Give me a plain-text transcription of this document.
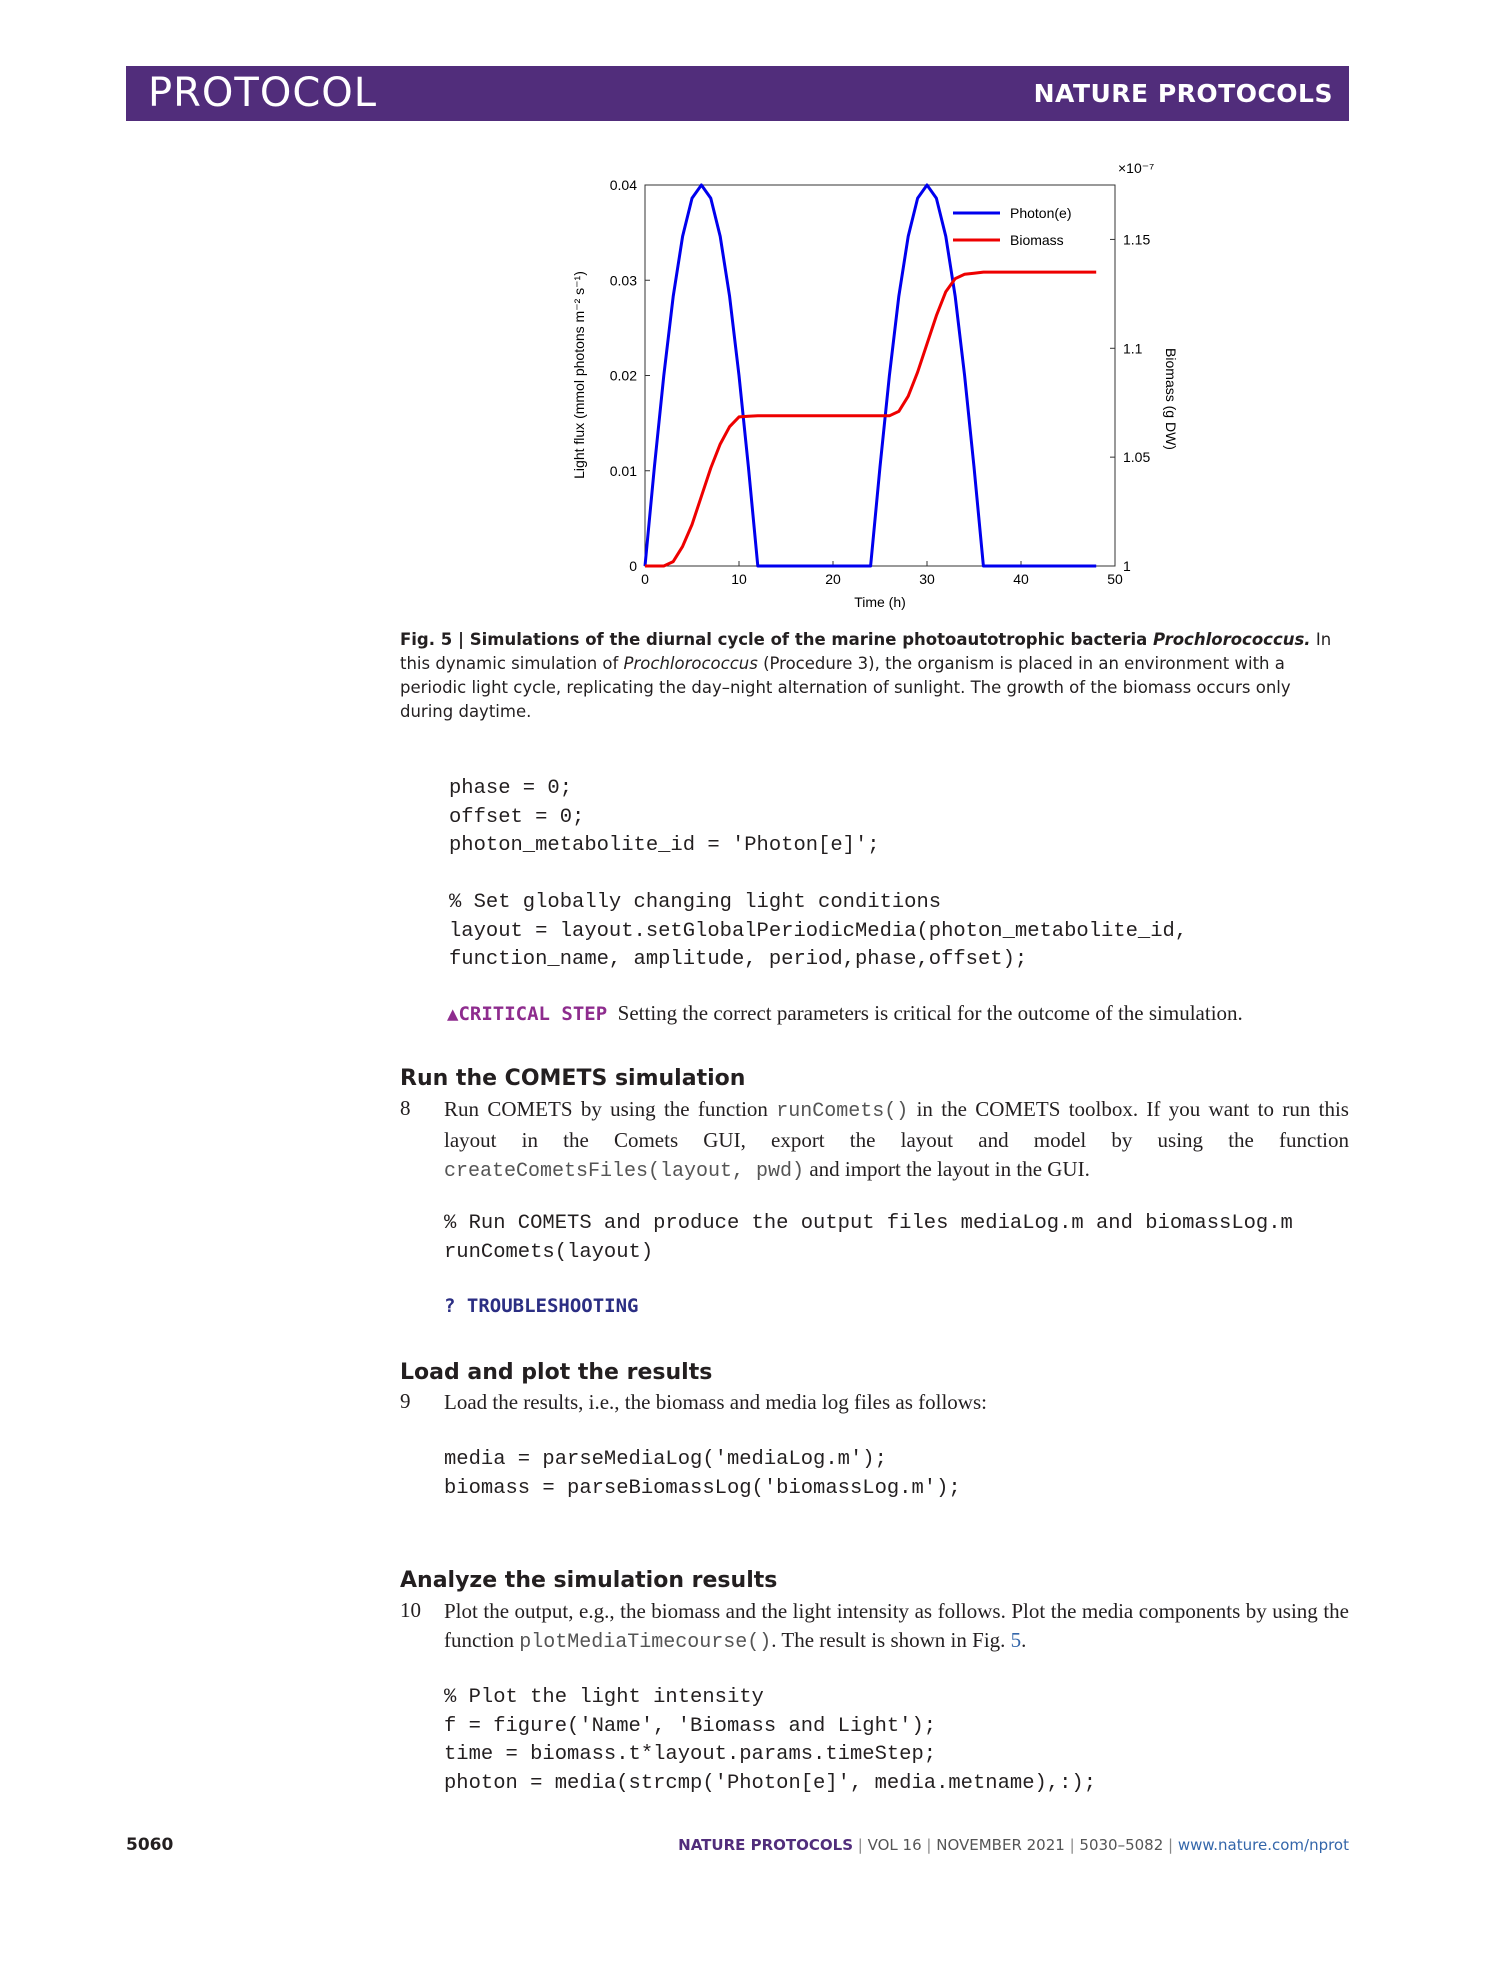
PROTOCOL	NATURE PROTOCOLS
0	10	20	30	40	50
0
0.01
0.02
0.03
0.04
1
1.05
1.1
1.15
×10⁻⁷
Time (h)
Light flux (mmol photons m⁻² s⁻¹)	Biomass (g DW)
Photon(e)
Biomass
Fig. 5 | Simulations of the diurnal cycle of the marine photoautotrophic bacteria Prochlorococcus. In this dynamic simulation of Prochlorococcus (Procedure 3), the organism is placed in an environment with a periodic light cycle, replicating the day–night alternation of sunlight. The growth of the biomass occurs only during daytime.
phase = 0;
offset = 0;
photon_metabolite_id = 'Photon[e]';

% Set globally changing light conditions
layout = layout.setGlobalPeriodicMedia(photon_metabolite_id,
function_name, amplitude, period,phase,offset);
▲CRITICAL STEP Setting the correct parameters is critical for the outcome of the simulation.
Run the COMETS simulation
8 Run COMETS by using the function runComets() in the COMETS toolbox. If you want to run this layout in the Comets GUI, export the layout and model by using the function createCometsFiles(layout, pwd) and import the layout in the GUI.
% Run COMETS and produce the output files mediaLog.m and biomassLog.m
runComets(layout)
? TROUBLESHOOTING
Load and plot the results
9 Load the results, i.e., the biomass and media log files as follows:
media = parseMediaLog('mediaLog.m');
biomass = parseBiomassLog('biomassLog.m');
Analyze the simulation results
10 Plot the output, e.g., the biomass and the light intensity as follows. Plot the media components by using the function plotMediaTimecourse(). The result is shown in Fig. 5.
% Plot the light intensity
f = figure('Name', 'Biomass and Light');
time = biomass.t*layout.params.timeStep;
photon = media(strcmp('Photon[e]', media.metname),:);
5060	NATURE PROTOCOLS | VOL 16 | NOVEMBER 2021 | 5030–5082 | www.nature.com/nprot
